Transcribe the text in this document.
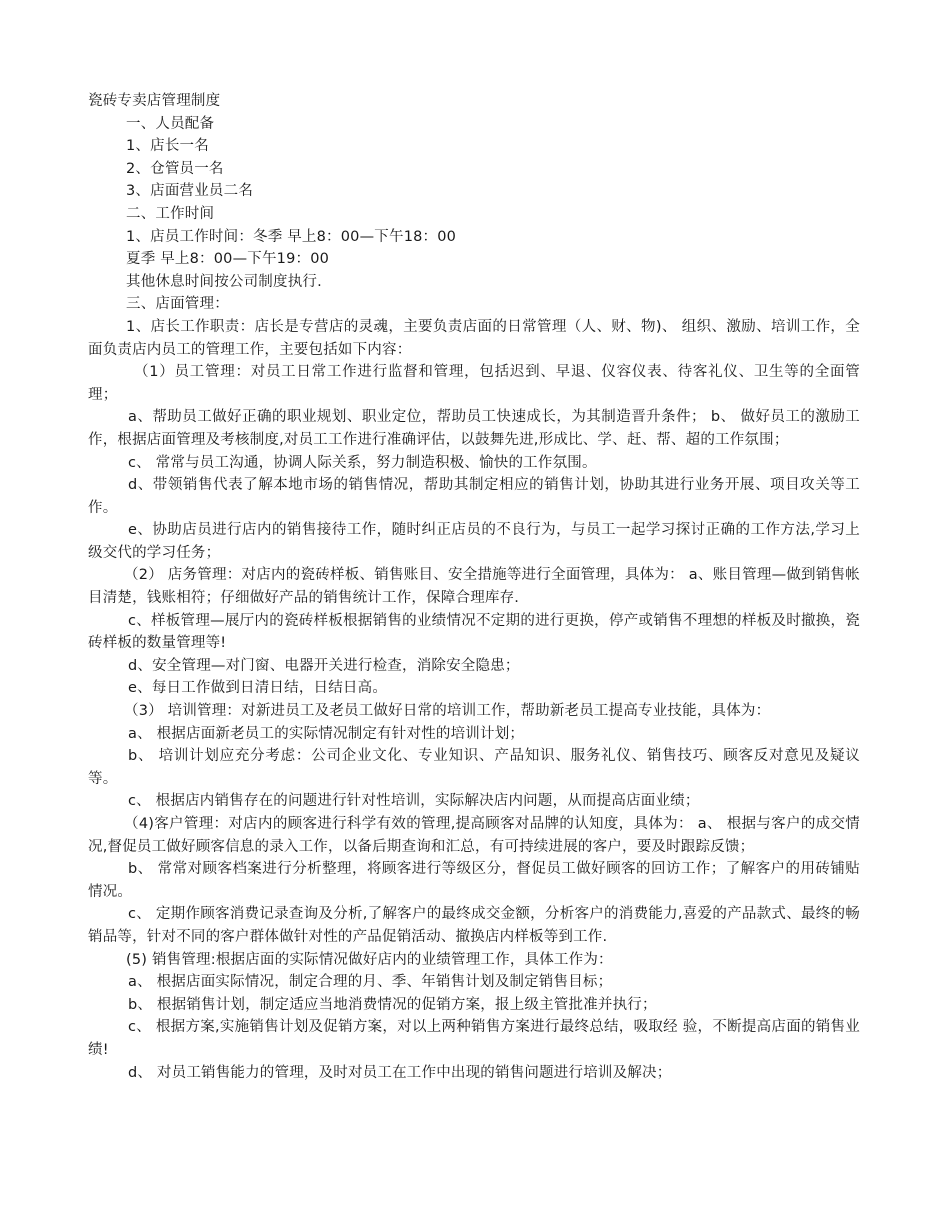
瓷砖专卖店管理制度

一、人员配备

1、店长一名

2、仓管员一名

3、店面营业员二名

二、工作时间

1、店员工作时间：冬季 早上8：00—下午18：00

夏季 早上8：00—下午19：00

其他休息时间按公司制度执行.

三、店面管理：

1、店长工作职责：店长是专营店的灵魂，主要负责店面的日常管理（人、财、物)、 组织、激励、培训工作，全面负责店内员工的管理工作，主要包括如下内容：

（1）员工管理：对员工日常工作进行监督和管理，包括迟到、早退、仪容仪表、待客礼仪、卫生等的全面管理；

a、帮助员工做好正确的职业规划、职业定位，帮助员工快速成长，为其制造晋升条件； b、 做好员工的激励工作，根据店面管理及考核制度,对员工工作进行准确评估，以鼓舞先进,形成比、学、赶、帮、超的工作氛围；

c、 常常与员工沟通，协调人际关系，努力制造积极、愉快的工作氛围。

d、带领销售代表了解本地市场的销售情况，帮助其制定相应的销售计划，协助其进行业务开展、项目攻关等工作。

e、协助店员进行店内的销售接待工作，随时纠正店员的不良行为，与员工一起学习探讨正确的工作方法,学习上级交代的学习任务；

（2） 店务管理：对店内的瓷砖样板、销售账目、安全措施等进行全面管理，具体为： a、账目管理—做到销售帐目清楚，钱账相符；仔细做好产品的销售统计工作，保障合理库存.

c、样板管理—展厅内的瓷砖样板根据销售的业绩情况不定期的进行更换，停产或销售不理想的样板及时撤换，瓷砖样板的数量管理等!

d、安全管理—对门窗、电器开关进行检查，消除安全隐患；

e、每日工作做到日清日结，日结日高。

（3） 培训管理：对新进员工及老员工做好日常的培训工作，帮助新老员工提高专业技能，具体为：

a、 根据店面新老员工的实际情况制定有针对性的培训计划；

b、 培训计划应充分考虑：公司企业文化、专业知识、产品知识、服务礼仪、销售技巧、顾客反对意见及疑议等。

c、 根据店内销售存在的问题进行针对性培训，实际解决店内问题，从而提高店面业绩；

（4)客户管理：对店内的顾客进行科学有效的管理,提高顾客对品牌的认知度，具体为： a、 根据与客户的成交情况,督促员工做好顾客信息的录入工作，以备后期查询和汇总，有可持续进展的客户，要及时跟踪反馈；

b、 常常对顾客档案进行分析整理，将顾客进行等级区分，督促员工做好顾客的回访工作；了解客户的用砖铺贴情况。

c、 定期作顾客消费记录查询及分析,了解客户的最终成交金额，分析客户的消费能力,喜爱的产品款式、最终的畅销品等，针对不同的客户群体做针对性的产品促销活动、撤换店内样板等到工作.

(5) 销售管理:根据店面的实际情况做好店内的业绩管理工作，具体工作为：

a、 根据店面实际情况，制定合理的月、季、年销售计划及制定销售目标；

b、 根据销售计划，制定适应当地消费情况的促销方案，报上级主管批准并执行；

c、 根据方案,实施销售计划及促销方案，对以上两种销售方案进行最终总结，吸取经 验，不断提高店面的销售业绩!

d、 对员工销售能力的管理，及时对员工在工作中出现的销售问题进行培训及解决；
